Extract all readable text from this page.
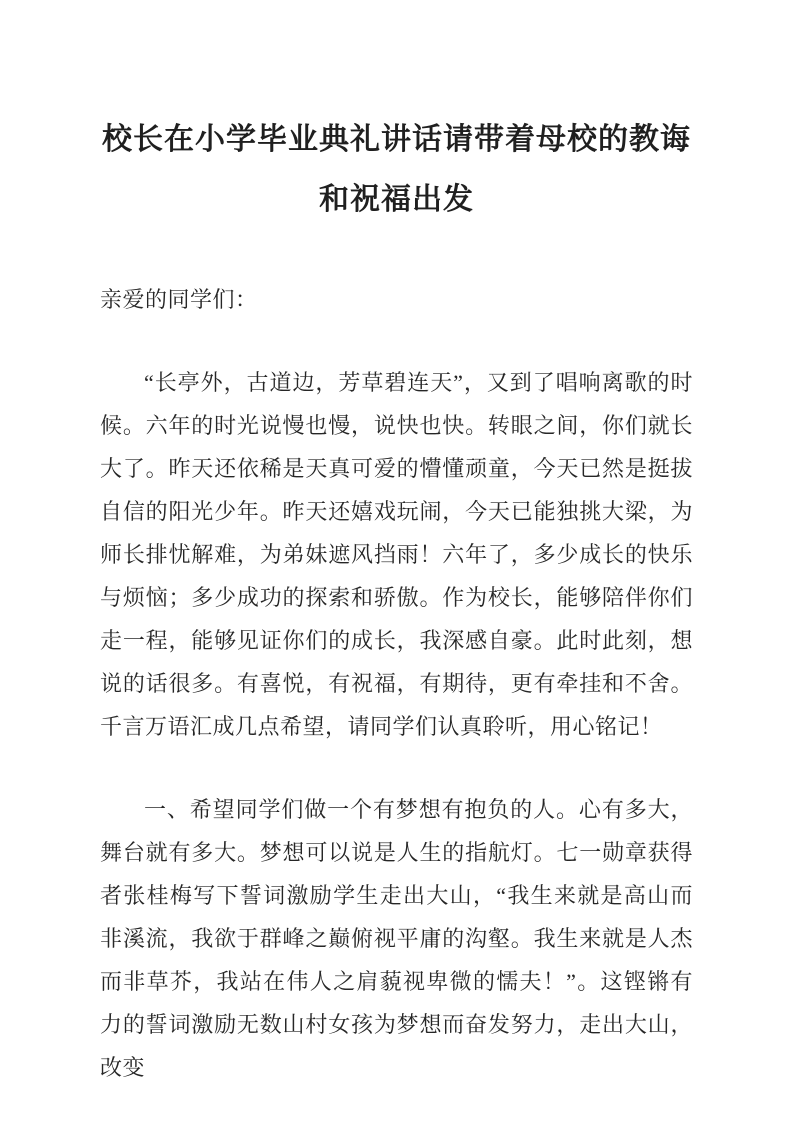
校长在小学毕业典礼讲话请带着母校的教诲和祝福出发

亲爱的同学们：

“长亭外，古道边，芳草碧连天”，又到了唱响离歌的时候。六年的时光说慢也慢，说快也快。转眼之间，你们就长大了。昨天还依稀是天真可爱的懵懂顽童，今天已然是挺拔自信的阳光少年。昨天还嬉戏玩闹，今天已能独挑大梁，为师长排忧解难，为弟妹遮风挡雨！六年了，多少成长的快乐与烦恼；多少成功的探索和骄傲。作为校长，能够陪伴你们走一程，能够见证你们的成长，我深感自豪。此时此刻，想说的话很多。有喜悦，有祝福，有期待，更有牵挂和不舍。千言万语汇成几点希望，请同学们认真聆听，用心铭记！

一、希望同学们做一个有梦想有抱负的人。心有多大，舞台就有多大。梦想可以说是人生的指航灯。七一勋章获得者张桂梅写下誓词激励学生走出大山，“我生来就是高山而非溪流，我欲于群峰之巅俯视平庸的沟壑。我生来就是人杰而非草芥，我站在伟人之肩藐视卑微的懦夫！”。这铿锵有力的誓词激励无数山村女孩为梦想而奋发努力，走出大山，改变
